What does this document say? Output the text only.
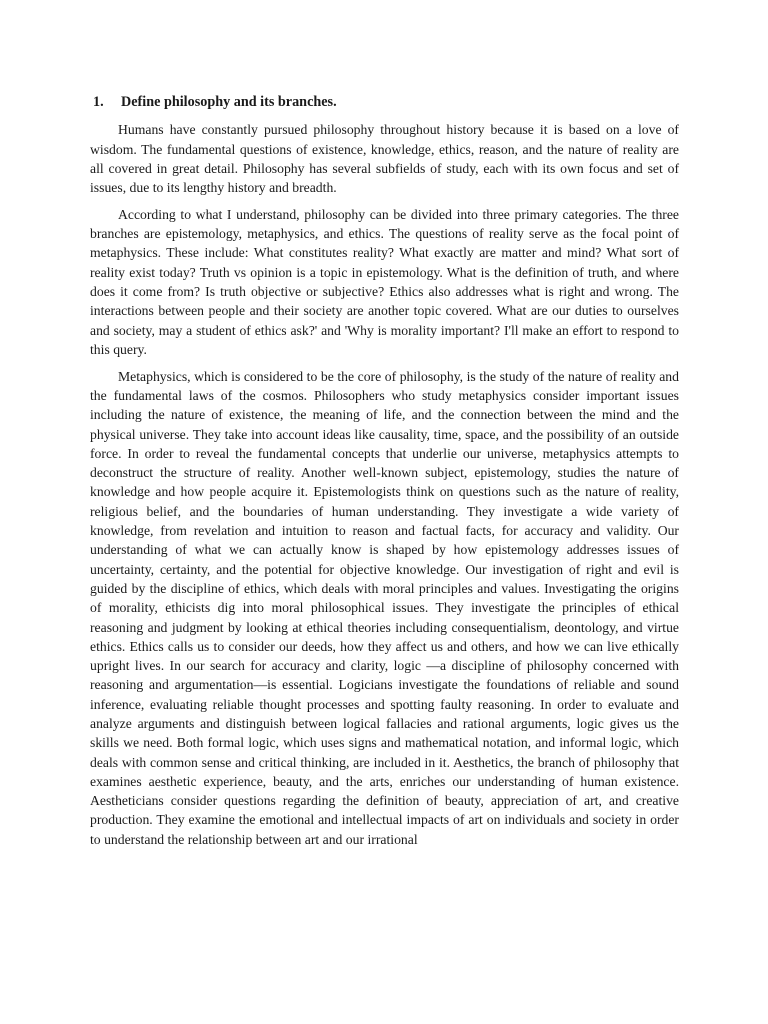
1. Define philosophy and its branches.

Humans have constantly pursued philosophy throughout history because it is based on a love of wisdom. The fundamental questions of existence, knowledge, ethics, reason, and the nature of reality are all covered in great detail. Philosophy has several subfields of study, each with its own focus and set of issues, due to its lengthy history and breadth.

According to what I understand, philosophy can be divided into three primary categories. The three branches are epistemology, metaphysics, and ethics. The questions of reality serve as the focal point of metaphysics. These include: What constitutes reality? What exactly are matter and mind? What sort of reality exist today? Truth vs opinion is a topic in epistemology. What is the definition of truth, and where does it come from? Is truth objective or subjective? Ethics also addresses what is right and wrong. The interactions between people and their society are another topic covered. What are our duties to ourselves and society, may a student of ethics ask?' and 'Why is morality important? I'll make an effort to respond to this query.

Metaphysics, which is considered to be the core of philosophy, is the study of the nature of reality and the fundamental laws of the cosmos. Philosophers who study metaphysics consider important issues including the nature of existence, the meaning of life, and the connection between the mind and the physical universe. They take into account ideas like causality, time, space, and the possibility of an outside force. In order to reveal the fundamental concepts that underlie our universe, metaphysics attempts to deconstruct the structure of reality. Another well-known subject, epistemology, studies the nature of knowledge and how people acquire it. Epistemologists think on questions such as the nature of reality, religious belief, and the boundaries of human understanding. They investigate a wide variety of knowledge, from revelation and intuition to reason and factual facts, for accuracy and validity. Our understanding of what we can actually know is shaped by how epistemology addresses issues of uncertainty, certainty, and the potential for objective knowledge. Our investigation of right and evil is guided by the discipline of ethics, which deals with moral principles and values. Investigating the origins of morality, ethicists dig into moral philosophical issues. They investigate the principles of ethical reasoning and judgment by looking at ethical theories including consequentialism, deontology, and virtue ethics. Ethics calls us to consider our deeds, how they affect us and others, and how we can live ethically upright lives. In our search for accuracy and clarity, logic —a discipline of philosophy concerned with reasoning and argumentation—is essential. Logicians investigate the foundations of reliable and sound inference, evaluating reliable thought processes and spotting faulty reasoning. In order to evaluate and analyze arguments and distinguish between logical fallacies and rational arguments, logic gives us the skills we need. Both formal logic, which uses signs and mathematical notation, and informal logic, which deals with common sense and critical thinking, are included in it. Aesthetics, the branch of philosophy that examines aesthetic experience, beauty, and the arts, enriches our understanding of human existence. Aestheticians consider questions regarding the definition of beauty, appreciation of art, and creative production. They examine the emotional and intellectual impacts of art on individuals and society in order to understand the relationship between art and our irrational
